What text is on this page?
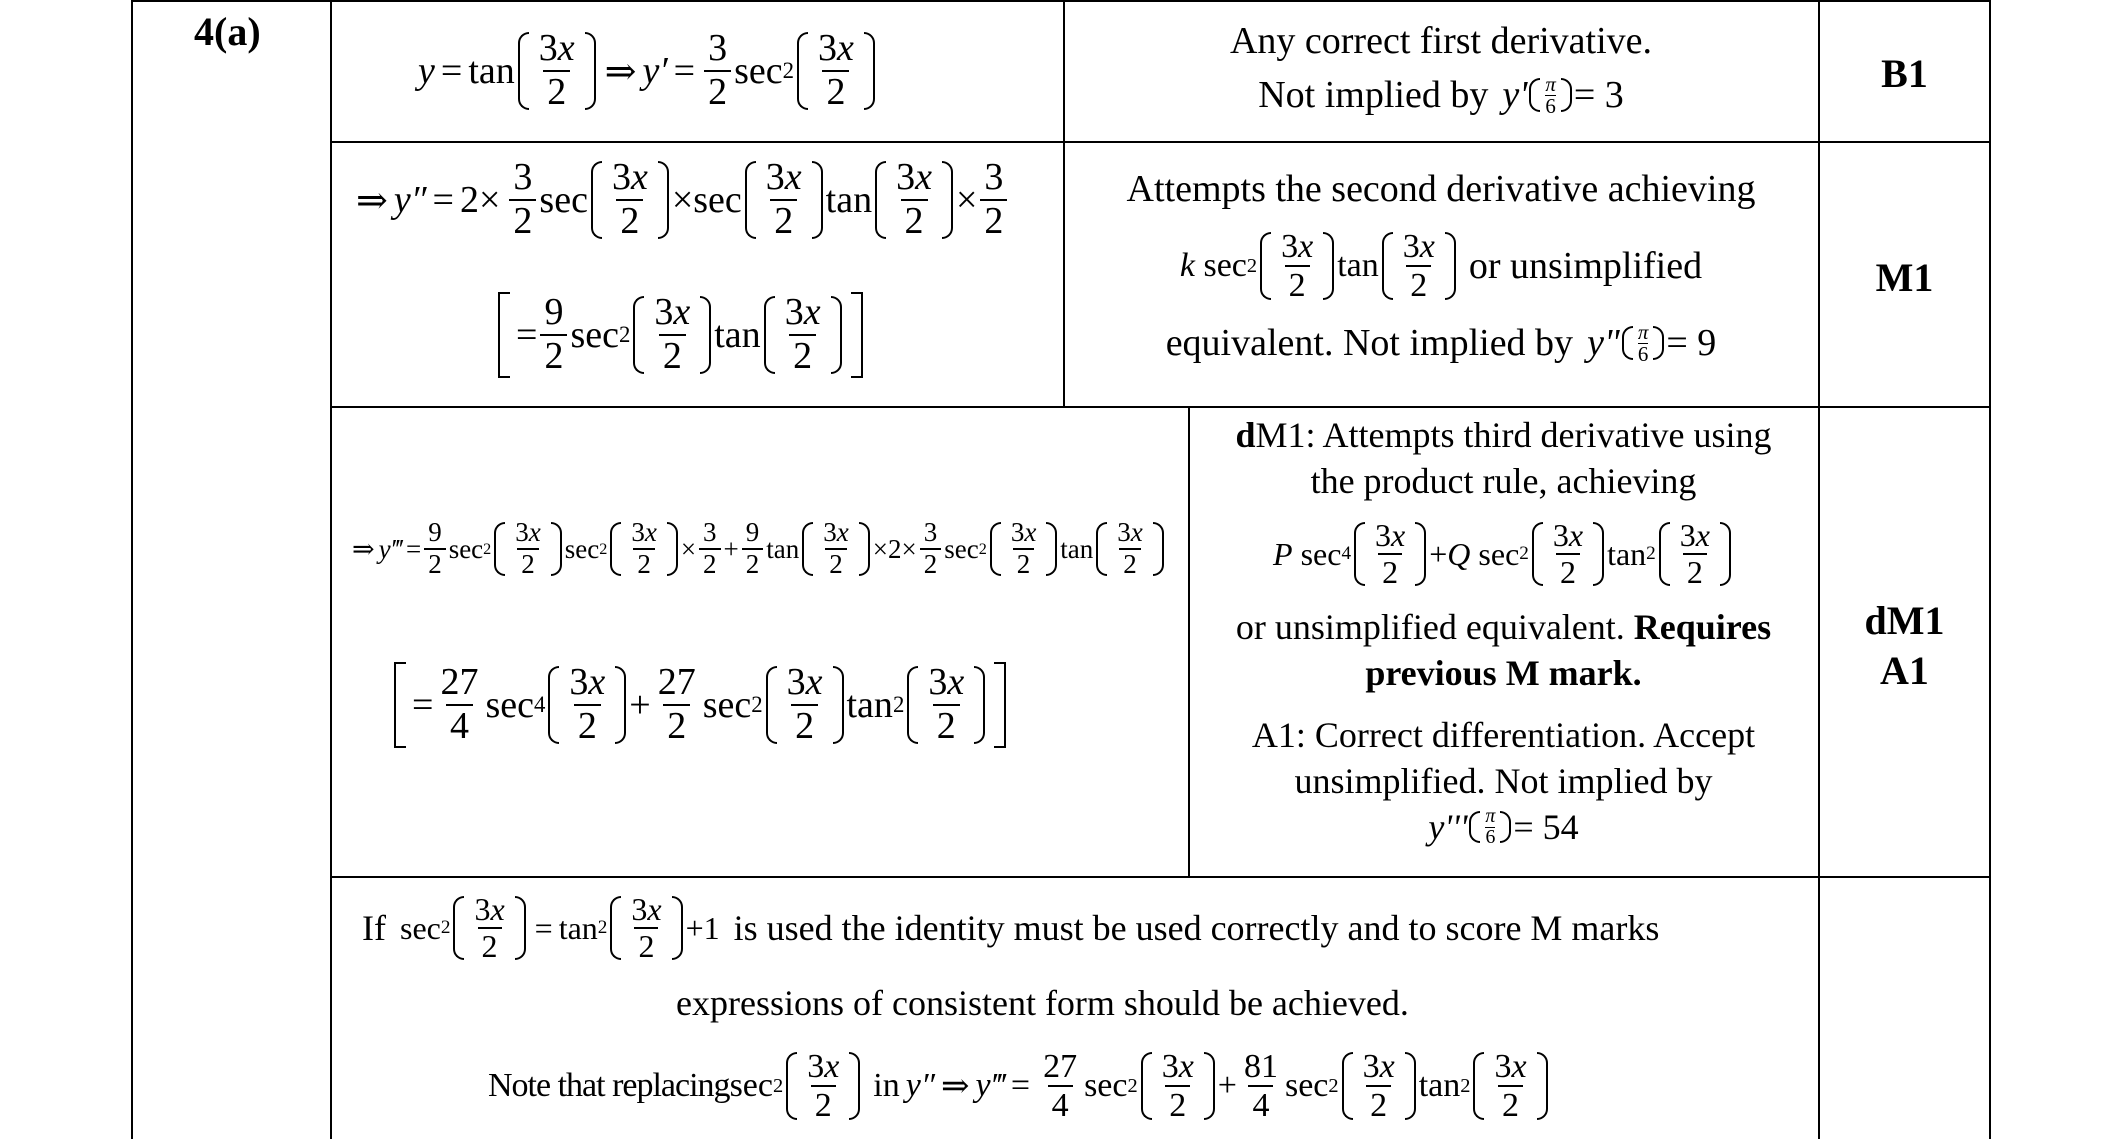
4(a)
$y = \tan \frac{3x}{2}$ ⇒ $y' = \frac{3}{2}$ $\sec 2 \frac{3x}{2}$	Any correct first derivative.
Not implied by y' π
6 = 3	B1
⇒ $y'' = 2\times \frac{3}{2}$ $\sec \frac{3x}{2} \times\sec \frac{3x}{2}$ $\tan \frac{3x}{2} \times \frac{3}{2}$
= $\frac{9}{2}$ $\sec 2 \frac{3x}{2}$ $\tan \frac{3x}{2}$
Attempts the second derivative achieving
k $\sec 2 \frac{3x}{2}$ $\tan \frac{3x}{2}$ or unsimplified
equivalent. Not implied by y" π
6 = 9
M1
⇒ y‴ = $\frac{9}{2}$ $\sec 2 \frac{3x}{2}$ $\sec 2 \frac{3x}{2} \times \frac{3}{2} + \frac{9}{2}$ $\tan \frac{3x}{2} \times 2\times \frac{3}{2}$ $\sec 2 \frac{3x}{2}$ $\tan \frac{3x}{2}$
= $\frac{27}{4}$ $\sec 4 \frac{3x}{2} + \frac{27}{2}$ $\sec 2 \frac{3x}{2}$ $\tan 2 \frac{3x}{2}$
dM1: Attempts third derivative using
the product rule, achieving
P $\sec 4 \frac{3x}{2} + Q$ $\sec 2 \frac{3x}{2}$ $\tan 2 \frac{3x}{2}$
or unsimplified equivalent. Requires
previous M mark.
A1: Correct differentiation. Accept
unsimplified. Not implied by
y''' π
6 = 54
dM1
A1
If $\sec 2 \frac{3x}{2} = \tan 2 \frac{3x}{2} +1$ is used the identity must be used correctly and to score M marks
expressions of consistent form should be achieved.
Note that replacing $\sec 2 \frac{3x}{2}$ in y″ ⇒ y‴ = $\frac{27}{4}$ $\sec 2 \frac{3x}{2} + \frac{81}{4}$ $\sec 2 \frac{3x}{2}$ $\tan 2 \frac{3x}{2}$
